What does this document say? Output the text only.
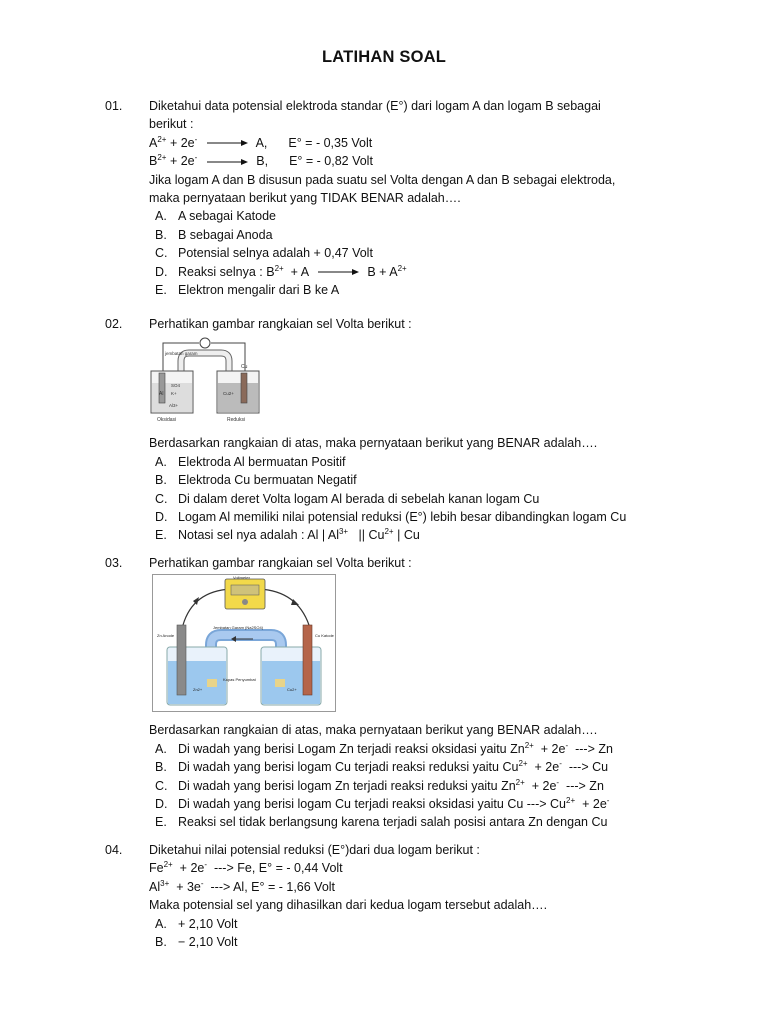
LATIHAN SOAL
01. Diketahui data potensial elektroda standar (E°) dari logam A dan logam B sebagai
berikut :
$A^{2+} + 2e^- \to A$, E° = - 0,35 Volt
$B^{2+} + 2e^- \to B$, E° = - 0,82 Volt
Jika logam A dan B disusun pada suatu sel Volta dengan A dan B sebagai elektroda,
maka pernyataan berikut yang TIDAK BENAR adalah….
A. A sebagai Katode
B. B sebagai Anoda
C. Potensial selnya adalah + 0,47 Volt
D. Reaksi selnya : $B^{2+} + A \to B + A^{2+}$
E. Elektron mengalir dari B ke A
02. Perhatikan gambar rangkaian sel Volta berikut :
jembatan garam
Cu
Al
SO4
K+
Al3+
Cu2+
Oksidasi	Reduksi
Berdasarkan rangkaian di atas, maka pernyataan berikut yang BENAR adalah….
A. Elektroda Al bermuatan Positif
B. Elektroda Cu bermuatan Negatif
C. Di dalam deret Volta logam Al berada di sebelah kanan logam Cu
D. Logam Al memiliki nilai potensial reduksi (E°) lebih besar dibandingkan logam Cu
E. Notasi sel nya adalah : Al | $Al^{3+}$ || $Cu^{2+}$ | Cu
03. Perhatikan gambar rangkaian sel Volta berikut :
Voltmeter
Jembatan Garam (Na2SO4)
Zn Anode	Cu Katode
Kapas Penyumbat
Zn2+	Cu2+
Berdasarkan rangkaian di atas, maka pernyataan berikut yang BENAR adalah….
A. Di wadah yang berisi Logam Zn terjadi reaksi oksidasi yaitu $Zn^{2+} + 2e^-$ ---> Zn
B. Di wadah yang berisi logam Cu terjadi reaksi reduksi yaitu $Cu^{2+} + 2e^-$ ---> Cu
C. Di wadah yang berisi logam Zn terjadi reaksi reduksi yaitu $Zn^{2+} + 2e^-$ ---> Zn
D. Di wadah yang berisi logam Cu terjadi reaksi oksidasi yaitu Cu ---> $Cu^{2+} + 2e^-$
E. Reaksi sel tidak berlangsung karena terjadi salah posisi antara Zn dengan Cu
04. Diketahui nilai potensial reduksi (E°)dari dua logam berikut :
$Fe^{2+} + 2e^-$ ---> Fe, E° = - 0,44 Volt
$Al^{3+} + 3e^-$ ---> Al, E° = - 1,66 Volt
Maka potensial sel yang dihasilkan dari kedua logam tersebut adalah….
A. + 2,10 Volt
B. − 2,10 Volt
